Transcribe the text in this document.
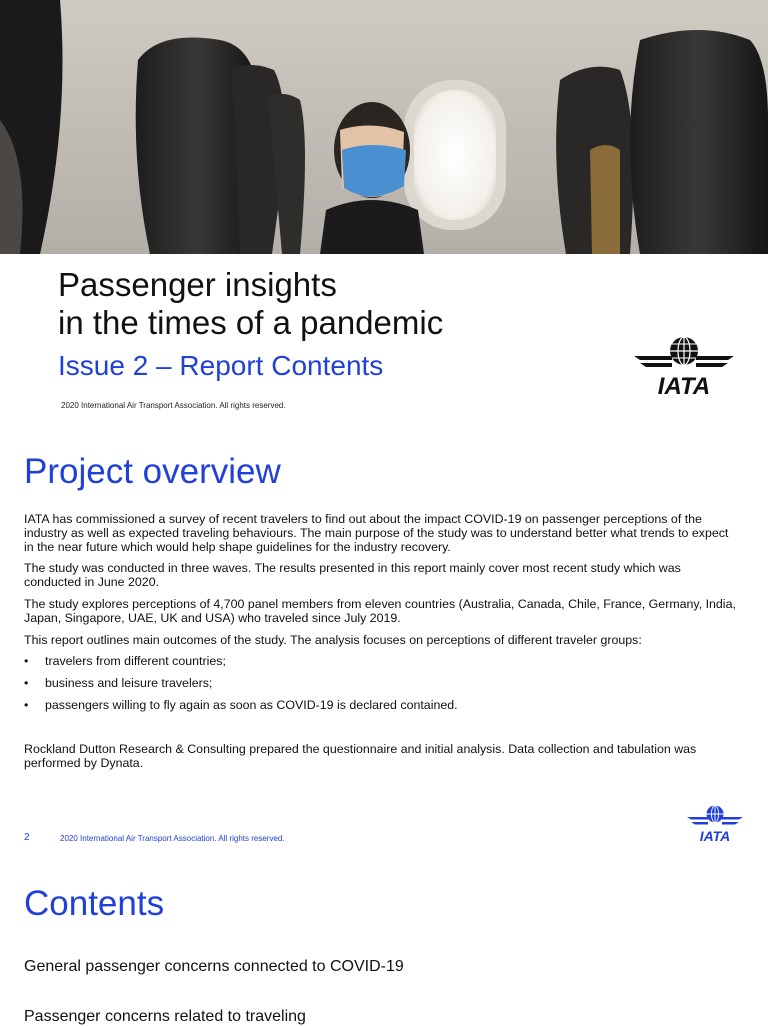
Passenger insights
in the times of a pandemic
Issue 2 – Report Contents
2020 International Air Transport Association. All rights reserved.
IATA
Project overview

IATA has commissioned a survey of recent travelers to find out about the impact COVID-19 on passenger perceptions of the industry as well as expected traveling behaviours. The main purpose of the study was to understand better what trends to expect in the near future which would help shape guidelines for the industry recovery.

The study was conducted in three waves. The results presented in this report mainly cover most recent study which was conducted in June 2020.

The study explores perceptions of 4,700 panel members from eleven countries (Australia, Canada, Chile, France, Germany, India, Japan, Singapore, UAE, UK and USA) who traveled since July 2019.

This report outlines main outcomes of the study. The analysis focuses on perceptions of different traveler groups:

• travelers from different countries;
• business and leisure travelers;
• passengers willing to fly again as soon as COVID-19 is declared contained.

Rockland Dutton Research & Consulting prepared the questionnaire and initial analysis. Data collection and tabulation was performed by Dynata.

2	2020 International Air Transport Association. All rights reserved.	IATA
Contents
General passenger concerns connected to COVID-19
Passenger concerns related to traveling
